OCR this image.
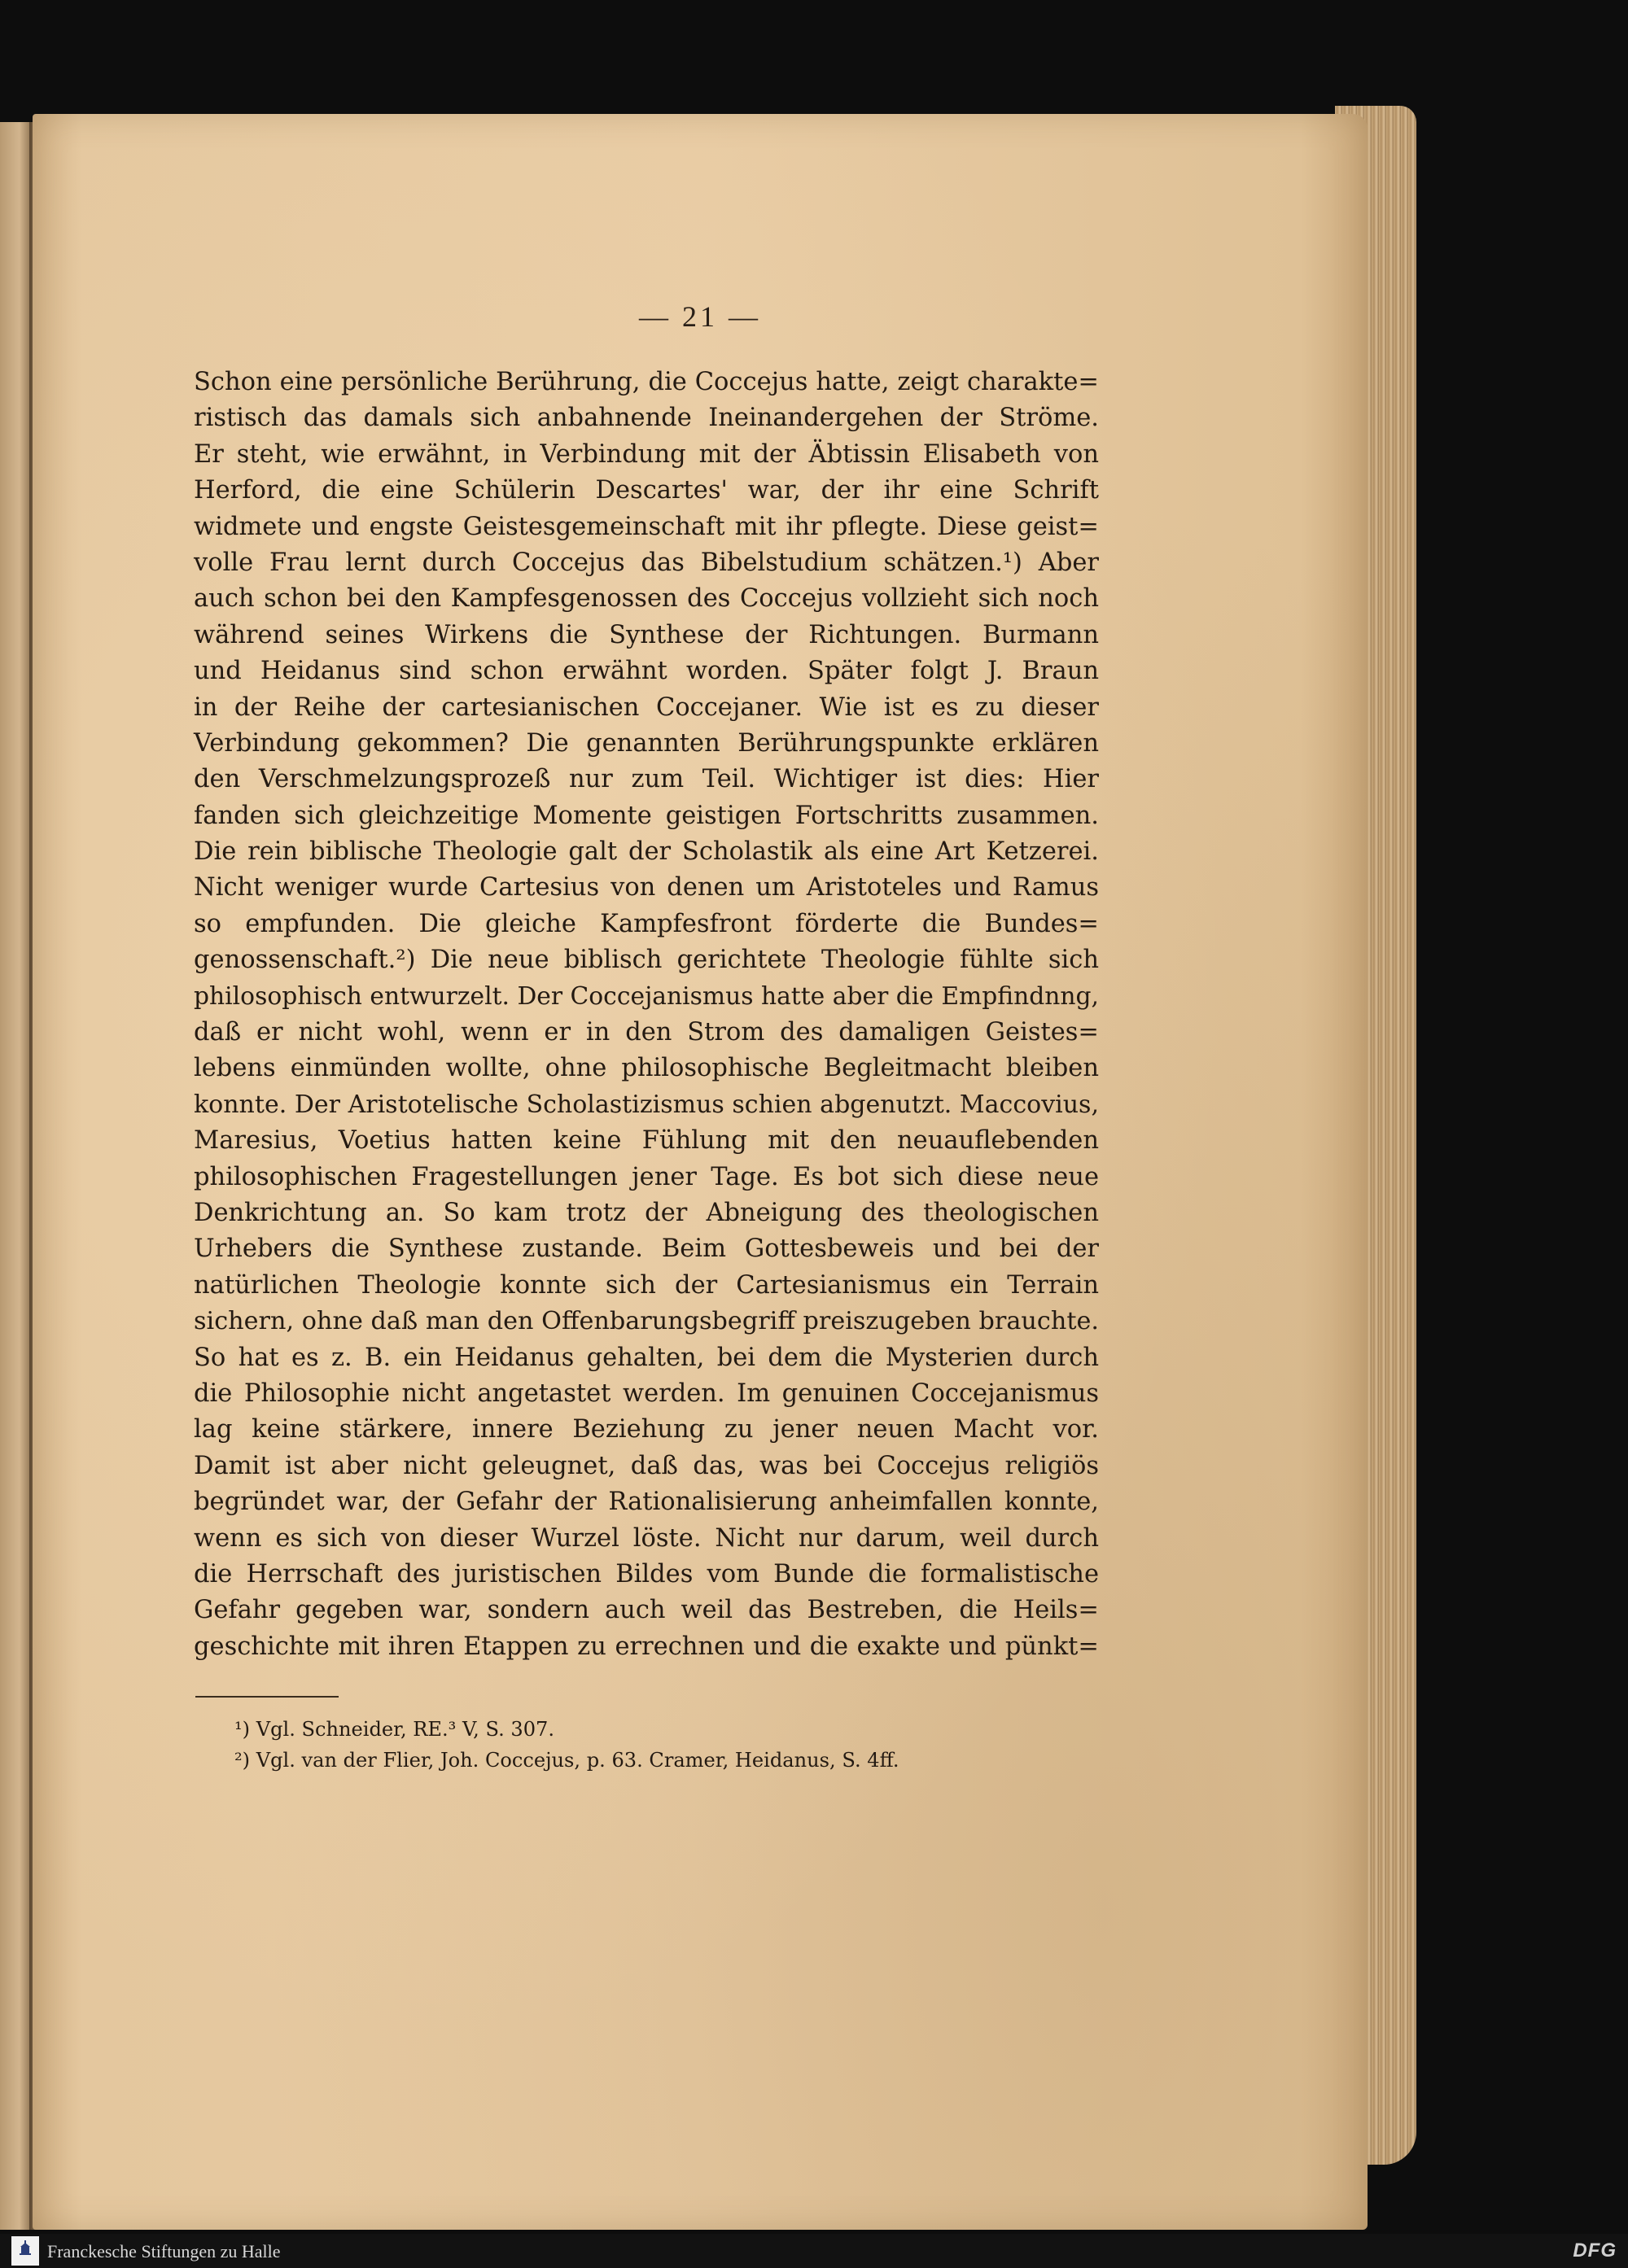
— 21 —
Schon eine persönliche Berührung, die Coccejus hatte, zeigt charakte=
ristisch das damals sich anbahnende Ineinandergehen der Ströme.
Er steht, wie erwähnt, in Verbindung mit der Äbtissin Elisabeth von
Herford, die eine Schülerin Descartes' war, der ihr eine Schrift
widmete und engste Geistesgemeinschaft mit ihr pflegte. Diese geist=
volle Frau lernt durch Coccejus das Bibelstudium schätzen.¹) Aber
auch schon bei den Kampfesgenossen des Coccejus vollzieht sich noch
während seines Wirkens die Synthese der Richtungen. Burmann
und Heidanus sind schon erwähnt worden. Später folgt J. Braun
in der Reihe der cartesianischen Coccejaner. Wie ist es zu dieser
Verbindung gekommen? Die genannten Berührungspunkte erklären
den Verschmelzungsprozeß nur zum Teil. Wichtiger ist dies: Hier
fanden sich gleichzeitige Momente geistigen Fortschritts zusammen.
Die rein biblische Theologie galt der Scholastik als eine Art Ketzerei.
Nicht weniger wurde Cartesius von denen um Aristoteles und Ramus
so empfunden. Die gleiche Kampfesfront förderte die Bundes=
genossenschaft.²) Die neue biblisch gerichtete Theologie fühlte sich
philosophisch entwurzelt. Der Coccejanismus hatte aber die Empfindnng,
daß er nicht wohl, wenn er in den Strom des damaligen Geistes=
lebens einmünden wollte, ohne philosophische Begleitmacht bleiben
konnte. Der Aristotelische Scholastizismus schien abgenutzt. Maccovius,
Maresius, Voetius hatten keine Fühlung mit den neuauflebenden
philosophischen Fragestellungen jener Tage. Es bot sich diese neue
Denkrichtung an. So kam trotz der Abneigung des theologischen
Urhebers die Synthese zustande. Beim Gottesbeweis und bei der
natürlichen Theologie konnte sich der Cartesianismus ein Terrain
sichern, ohne daß man den Offenbarungsbegriff preiszugeben brauchte.
So hat es z. B. ein Heidanus gehalten, bei dem die Mysterien durch
die Philosophie nicht angetastet werden. Im genuinen Coccejanismus
lag keine stärkere, innere Beziehung zu jener neuen Macht vor.
Damit ist aber nicht geleugnet, daß das, was bei Coccejus religiös
begründet war, der Gefahr der Rationalisierung anheimfallen konnte,
wenn es sich von dieser Wurzel löste. Nicht nur darum, weil durch
die Herrschaft des juristischen Bildes vom Bunde die formalistische
Gefahr gegeben war, sondern auch weil das Bestreben, die Heils=
geschichte mit ihren Etappen zu errechnen und die exakte und pünkt=
¹) Vgl. Schneider, RE.³ V, S. 307.
²) Vgl. van der Flier, Joh. Coccejus, p. 63. Cramer, Heidanus, S. 4ff.
Franckesche Stiftungen zu Halle	DFG
